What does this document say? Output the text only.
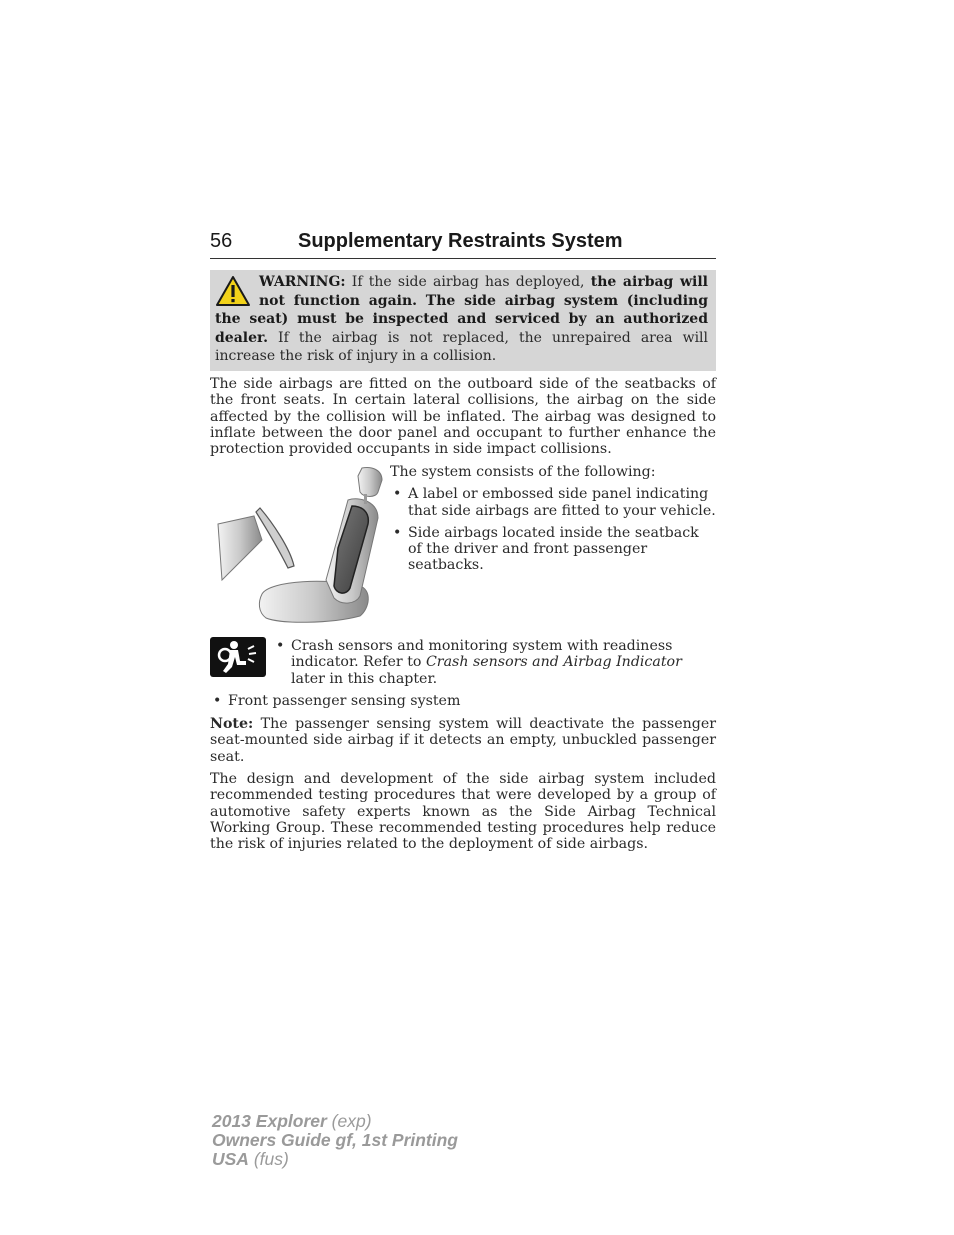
56	Supplementary Restraints System
WARNING: If the side airbag has deployed, the airbag will not function again. The side airbag system (including the seat) must be inspected and serviced by an authorized dealer. If the airbag is not replaced, the unrepaired area will increase the risk of injury in a collision.

The side airbags are fitted on the outboard side of the seatbacks of the front seats. In certain lateral collisions, the airbag on the side affected by the collision will be inflated. The airbag was designed to inflate between the door panel and occupant to further enhance the protection provided occupants in side impact collisions.

The system consists of the following:

• A label or embossed side panel indicating that side airbags are fitted to your vehicle.
• Side airbags located inside the seatback of the driver and front passenger seatbacks.
• Crash sensors and monitoring system with readiness indicator. Refer to Crash sensors and Airbag Indicator later in this chapter.
• Front passenger sensing system

Note: The passenger sensing system will deactivate the passenger seat-mounted side airbag if it detects an empty, unbuckled passenger seat.

The design and development of the side airbag system included recommended testing procedures that were developed by a group of automotive safety experts known as the Side Airbag Technical Working Group. These recommended testing procedures help reduce the risk of injuries related to the deployment of side airbags.

2013 Explorer (exp)
Owners Guide gf, 1st Printing
USA (fus)
